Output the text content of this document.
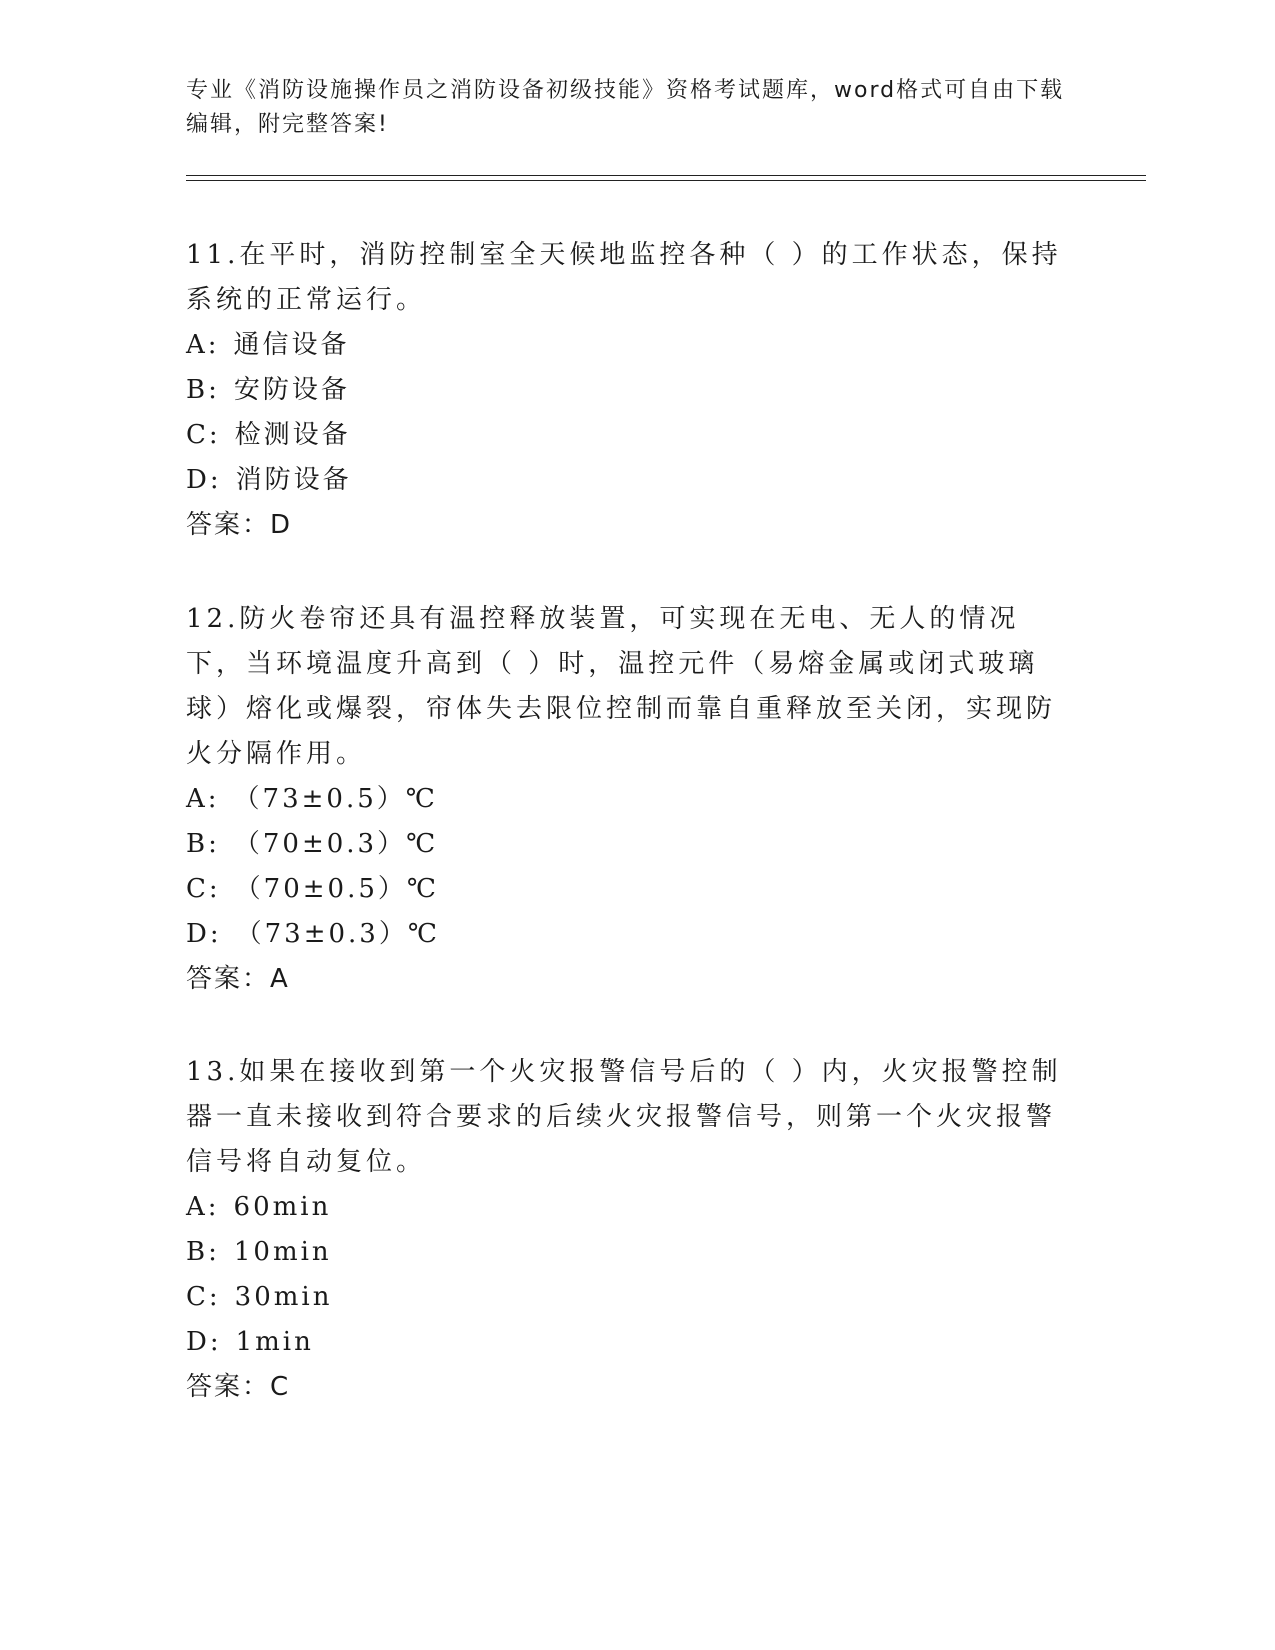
专业《消防设施操作员之消防设备初级技能》资格考试题库，word格式可自由下载编辑，附完整答案!

11.在平时，消防控制室全天候地监控各种（ ）的工作状态，保持系统的正常运行。

A: 通信设备
B: 安防设备
C: 检测设备
D: 消防设备

答案：D

12.防火卷帘还具有温控释放装置，可实现在无电、无人的情况下，当环境温度升高到（ ）时，温控元件（易熔金属或闭式玻璃球）熔化或爆裂，帘体失去限位控制而靠自重释放至关闭，实现防火分隔作用。

A: （73±0.5）℃
B: （70±0.3）℃
C: （70±0.5）℃
D: （73±0.3）℃

答案：A

13.如果在接收到第一个火灾报警信号后的（ ）内，火灾报警控制器一直未接收到符合要求的后续火灾报警信号，则第一个火灾报警信号将自动复位。

A: 60min
B: 10min
C: 30min
D: 1min

答案：C
